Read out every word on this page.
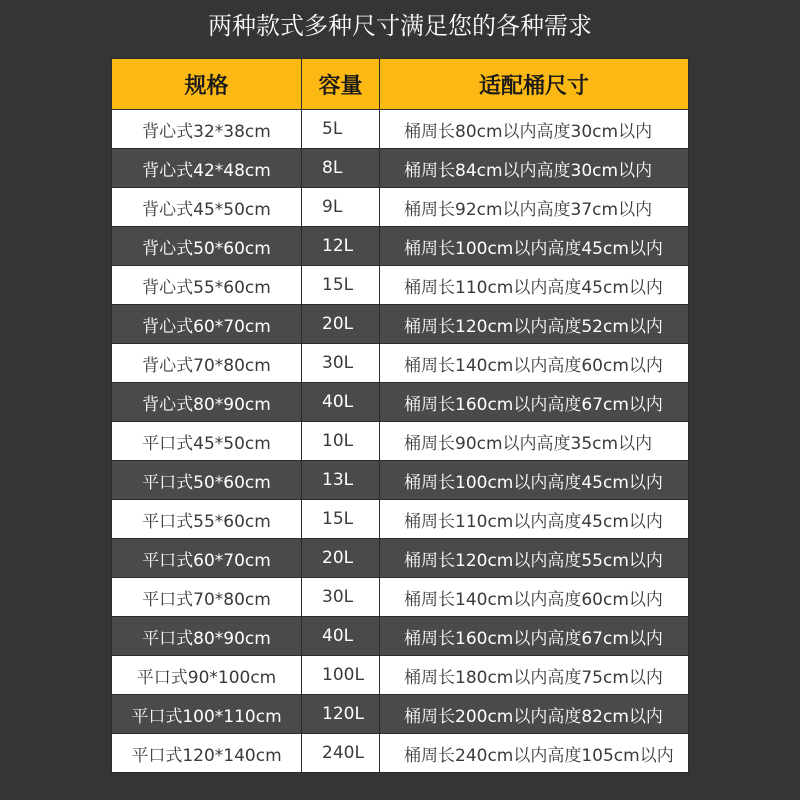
两种款式多种尺寸满足您的各种需求
规格	容量	适配桶尺寸
背心式32*38cm	5L	桶周长80cm以内高度30cm以内
背心式42*48cm	8L	桶周长84cm以内高度30cm以内
背心式45*50cm	9L	桶周长92cm以内高度37cm以内
背心式50*60cm	12L	桶周长100cm以内高度45cm以内
背心式55*60cm	15L	桶周长110cm以内高度45cm以内
背心式60*70cm	20L	桶周长120cm以内高度52cm以内
背心式70*80cm	30L	桶周长140cm以内高度60cm以内
背心式80*90cm	40L	桶周长160cm以内高度67cm以内
平口式45*50cm	10L	桶周长90cm以内高度35cm以内
平口式50*60cm	13L	桶周长100cm以内高度45cm以内
平口式55*60cm	15L	桶周长110cm以内高度45cm以内
平口式60*70cm	20L	桶周长120cm以内高度55cm以内
平口式70*80cm	30L	桶周长140cm以内高度60cm以内
平口式80*90cm	40L	桶周长160cm以内高度67cm以内
平口式90*100cm	100L	桶周长180cm以内高度75cm以内
平口式100*110cm	120L	桶周长200cm以内高度82cm以内
平口式120*140cm	240L	桶周长240cm以内高度105cm以内
